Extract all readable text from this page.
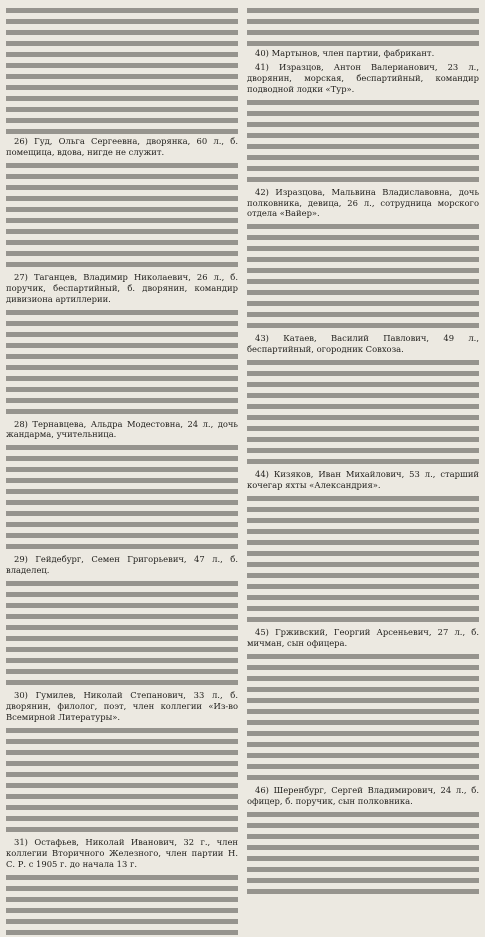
26) Гуд, Ольга Сергеевна, дворянка, 60 л., б. помещица, вдова, нигде не служит.

27) Таганцев, Владимир Николаевич, 26 л., б. поручик, беспартийный, б. дворянин, командир дивизиона артиллерии.

28) Тернавцева, Альдра Модестовна, 24 л., дочь жандарма, учительница.

29) Гейдебург, Семен Григорьевич, 47 л., б. владелец.

30) Гумилев, Николай Степанович, 33 л., б. дворянин, филолог, поэт, член коллегии «Из-во Всемирной Литературы».

31) Остафьев, Николай Иванович, 32 г., член коллегии Вторичного Железного, член партии Н. С. Р. с 1905 г. до начала 13 г.

40) Мартынов, член партии, фабрикант.

41) Изразцов, Антон Валерианович, 23 л., дворянин, морская, беспартийный, командир подводной лодки «Тур».

42) Изразцова, Мальвина Владиславовна, дочь полковника, девица, 26 л., сотрудница морского отдела «Вайер».

43) Катаев, Василий Павлович, 49 л., беспартийный, огородник Совхоза.

44) Кизяков, Иван Михайлович, 53 л., старший кочегар яхты «Александрия».

45) Грживский, Георгий Арсеньевич, 27 л., б. мичман, сын офицера.

46) Шеренбург, Сергей Владимирович, 24 л., б. офицер, б. поручик, сын полковника.
